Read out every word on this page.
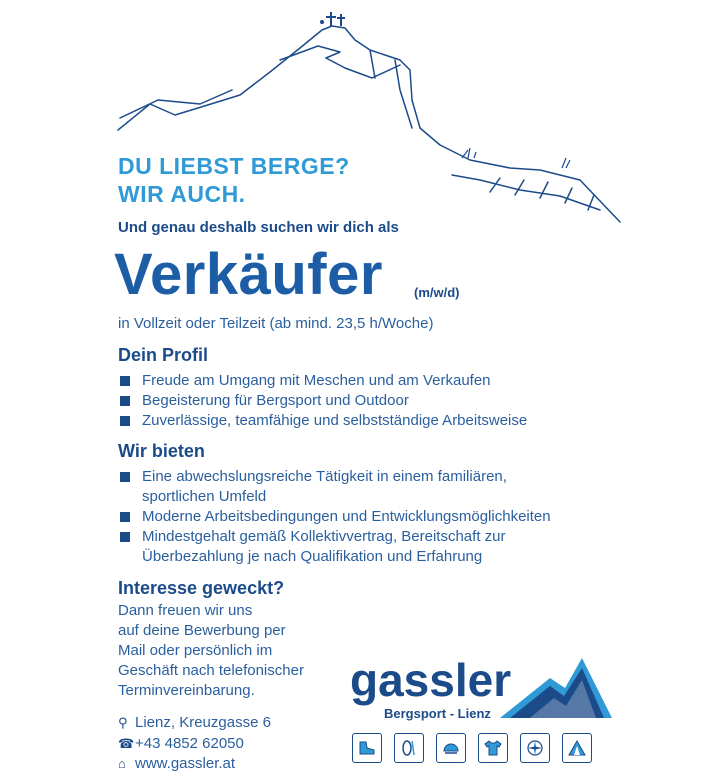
DU LIEBST BERGE?
WIR AUCH.
Und genau deshalb suchen wir dich als
Verkäufer (m/w/d)
in Vollzeit oder Teilzeit (ab mind. 23,5 h/Woche)
Dein Profil
Freude am Umgang mit Meschen und am Verkaufen
Begeisterung für Bergsport und Outdoor
Zuverlässige, teamfähige und selbstständige Arbeitsweise
Wir bieten
Eine abwechslungsreiche Tätigkeit in einem familiären,
sportlichen Umfeld
Moderne Arbeitsbedingungen und Entwicklungsmöglichkeiten
Mindestgehalt gemäß Kollektivvertrag, Bereitschaft zur
Überbezahlung je nach Qualifikation und Erfahrung
Interesse geweckt?
Dann freuen wir uns
auf deine Bewerbung per
Mail oder persönlich im
Geschäft nach telefonischer
Terminvereinbarung.
⚲ Lienz, Kreuzgasse 6
☎+43 4852 62050
⌂ www.gassler.at
gassler
Bergsport - Lienz
